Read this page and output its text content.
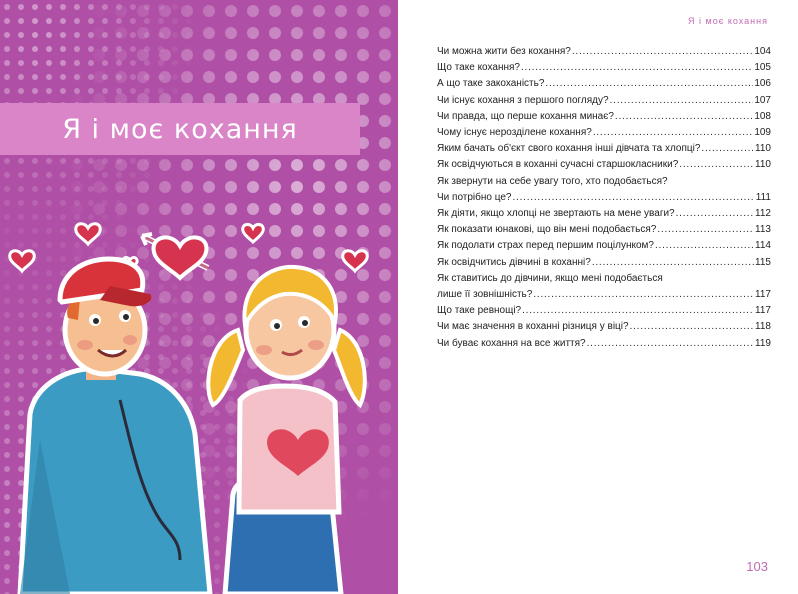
Я і моє кохання
Я і моє кохання
Чи можна жити без кохання? . . .	104
Що таке кохання? . . .	105
А що таке закоханість? . . .	106
Чи існує кохання з першого погляду? . . .	107
Чи правда, що перше кохання минає? . . .	108
Чому існує нерозділене кохання? . . .	109
Яким бачать об'єкт свого кохання інші дівчата та хлопці? . . .	110
Як освідчуються в коханні сучасні старшокласники? . . .	110
Як звернути на себе увагу того, хто подобається?
Чи потрібно це? . . .	111
Як діяти, якщо хлопці не звертають на мене уваги? . . .	112
Як показати юнакові, що він мені подобається? . . .	113
Як подолати страх перед першим поцілунком? . . .	114
Як освідчитись дівчині в коханні? . . .	115
Як ставитись до дівчини, якщо мені подобається
лише її зовнішність? . . .	117
Що таке ревнощі? . . .	117
Чи має значення в коханні різниця у віці? . . .	118
Чи буває кохання на все життя? . . .	119
103
